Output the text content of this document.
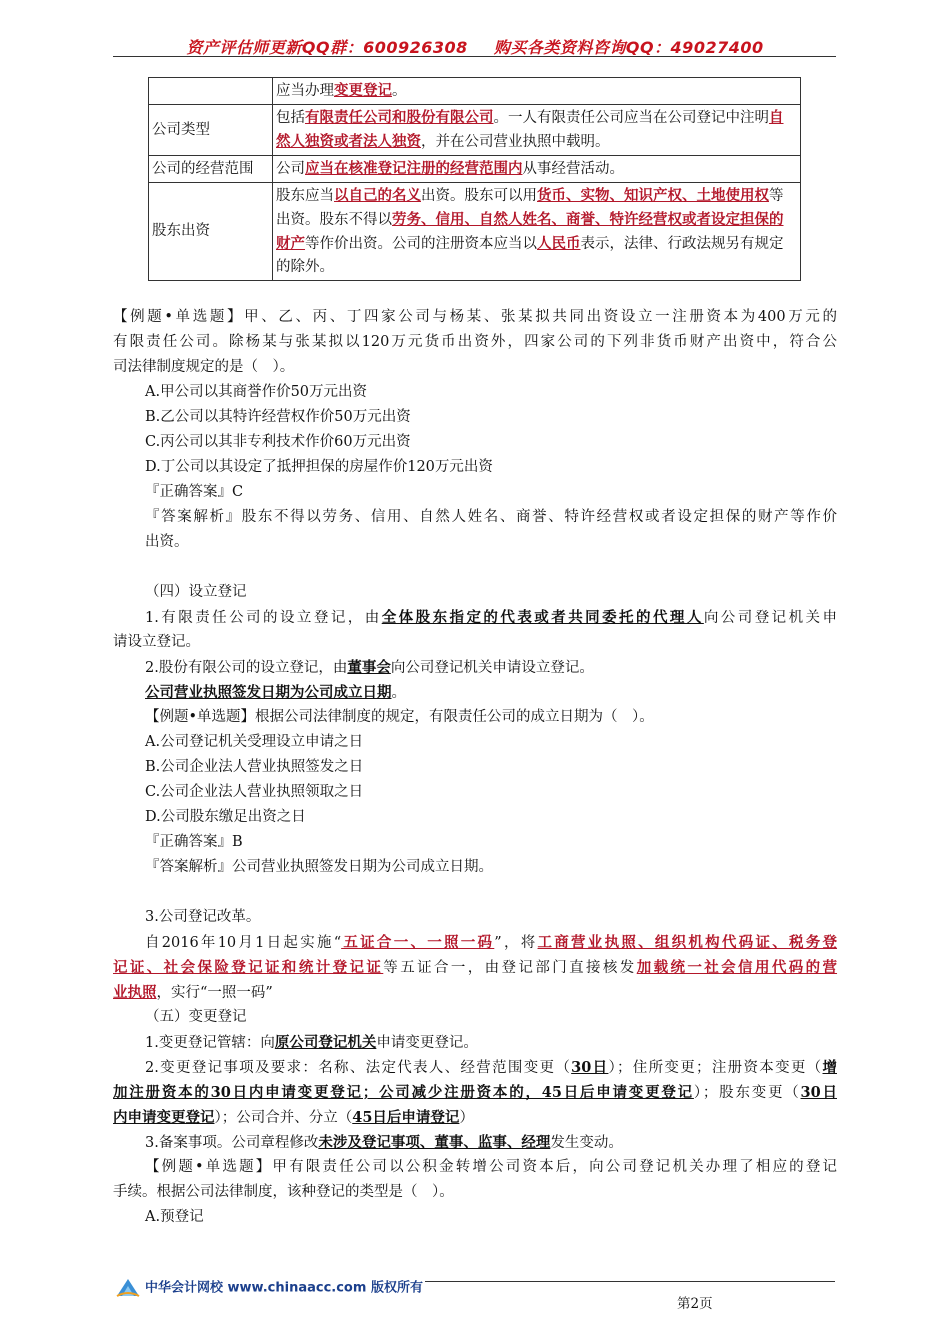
资产评估师更新QQ群：600926308 购买各类资料咨询QQ：49027400
	应当办理变更登记。
公司类型	包括有限责任公司和股份有限公司。一人有限责任公司应当在公司登记中注明自然人独资或者法人独资，并在公司营业执照中载明。
公司的经营范围	公司应当在核准登记注册的经营范围内从事经营活动。
股东出资	股东应当以自己的名义出资。股东可以用货币、实物、知识产权、土地使用权等出资。股东不得以劳务、信用、自然人姓名、商誉、特许经营权或者设定担保的财产等作价出资。公司的注册资本应当以人民币表示，法律、行政法规另有规定的除外。
【例题•单选题】甲、乙、丙、丁四家公司与杨某、张某拟共同出资设立一注册资本为400万元的
有限责任公司。除杨某与张某拟以120万元货币出资外，四家公司的下列非货币财产出资中，符合公
司法律制度规定的是（　）。
A.甲公司以其商誉作价50万元出资
B.乙公司以其特许经营权作价50万元出资
C.丙公司以其非专利技术作价60万元出资
D.丁公司以其设定了抵押担保的房屋作价120万元出资
『正确答案』C
『答案解析』股东不得以劳务、信用、自然人姓名、商誉、特许经营权或者设定担保的财产等作价
出资。
（四）设立登记
1.有限责任公司的设立登记，由全体股东指定的代表或者共同委托的代理人向公司登记机关申
请设立登记。
2.股份有限公司的设立登记，由董事会向公司登记机关申请设立登记。
公司营业执照签发日期为公司成立日期。
【例题•单选题】根据公司法律制度的规定，有限责任公司的成立日期为（　）。
A.公司登记机关受理设立申请之日
B.公司企业法人营业执照签发之日
C.公司企业法人营业执照领取之日
D.公司股东缴足出资之日
『正确答案』B
『答案解析』公司营业执照签发日期为公司成立日期。
3.公司登记改革。
自2016年10月1日起实施“五证合一、一照一码”，将工商营业执照、组织机构代码证、税务登
记证、社会保险登记证和统计登记证等五证合一，由登记部门直接核发加载统一社会信用代码的营
业执照，实行“一照一码”
（五）变更登记
1.变更登记管辖：向原公司登记机关申请变更登记。
2.变更登记事项及要求：名称、法定代表人、经营范围变更（30日）；住所变更；注册资本变更（增
加注册资本的30日内申请变更登记；公司减少注册资本的，45日后申请变更登记）；股东变更（30日
内申请变更登记）；公司合并、分立（45日后申请登记）
3.备案事项。公司章程修改未涉及登记事项、董事、监事、经理发生变动。
【例题•单选题】甲有限责任公司以公积金转增公司资本后，向公司登记机关办理了相应的登记
手续。根据公司法律制度，该种登记的类型是（　）。
A.预登记
中华会计网校 www.chinaacc.com 版权所有
第2页
